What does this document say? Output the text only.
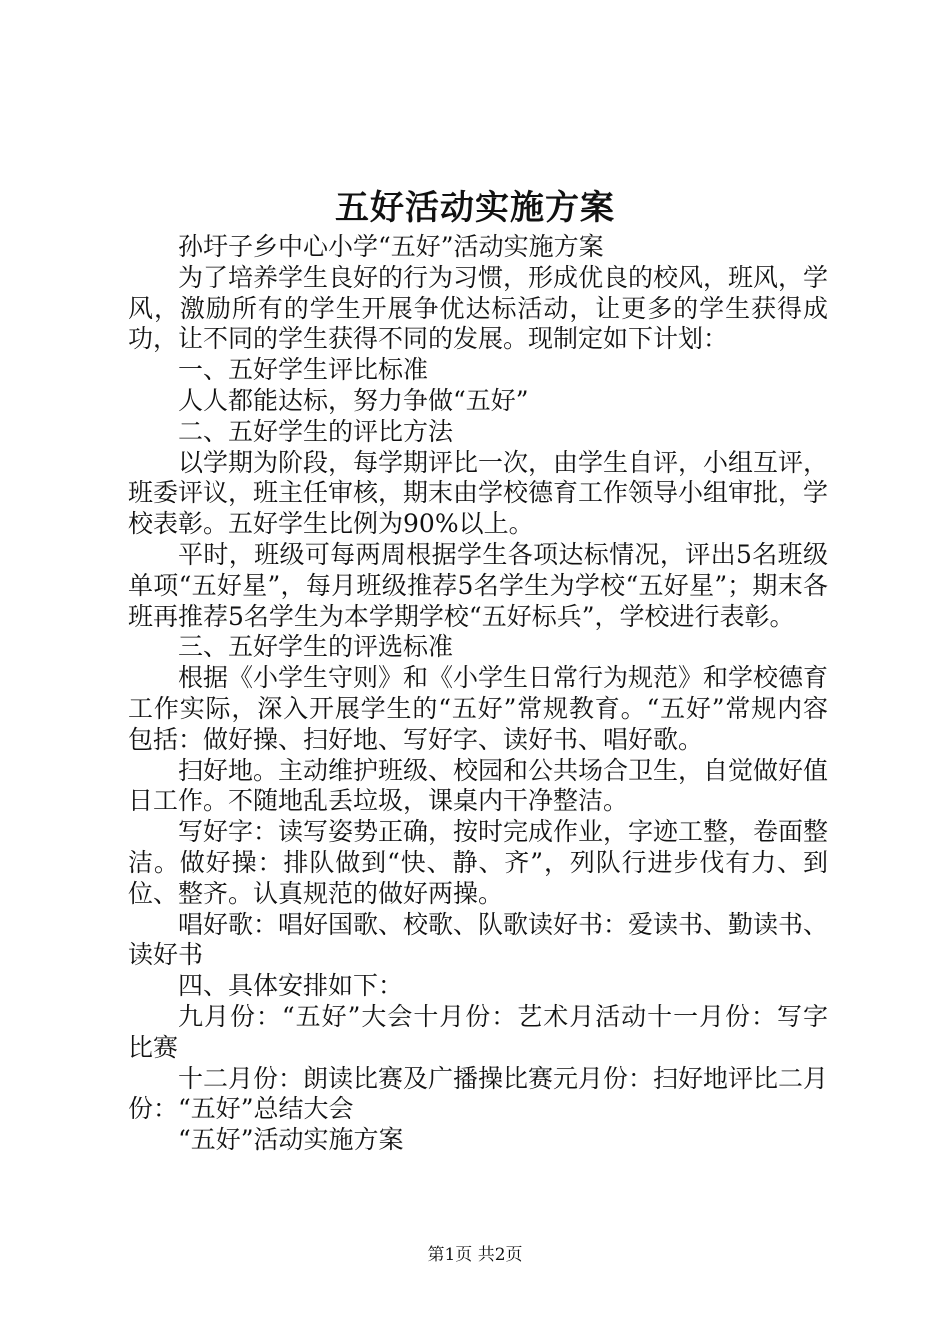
五好活动实施方案

孙圩子乡中心小学“五好”活动实施方案

为了培养学生良好的行为习惯，形成优良的校风，班风，学风，激励所有的学生开展争优达标活动，让更多的学生获得成功，让不同的学生获得不同的发展。现制定如下计划：

一、五好学生评比标准

人人都能达标，努力争做“五好”

二、五好学生的评比方法

以学期为阶段，每学期评比一次，由学生自评，小组互评，班委评议，班主任审核，期末由学校德育工作领导小组审批，学校表彰。五好学生比例为90%以上。

平时，班级可每两周根据学生各项达标情况，评出5名班级单项“五好星”，每月班级推荐5名学生为学校“五好星”；期末各班再推荐5名学生为本学期学校“五好标兵”，学校进行表彰。

三、五好学生的评选标准

根据《小学生守则》和《小学生日常行为规范》和学校德育工作实际，深入开展学生的“五好”常规教育。“五好”常规内容包括：做好操、扫好地、写好字、读好书、唱好歌。

扫好地。主动维护班级、校园和公共场合卫生，自觉做好值日工作。不随地乱丢垃圾，课桌内干净整洁。

写好字：读写姿势正确，按时完成作业，字迹工整，卷面整洁。做好操：排队做到“快、静、齐”，列队行进步伐有力、到位、整齐。认真规范的做好两操。

唱好歌：唱好国歌、校歌、队歌读好书：爱读书、勤读书、读好书

四、具体安排如下：

九月份：“五好”大会十月份：艺术月活动十一月份：写字比赛

十二月份：朗读比赛及广播操比赛元月份：扫好地评比二月份：“五好”总结大会

“五好”活动实施方案

第1页 共2页
